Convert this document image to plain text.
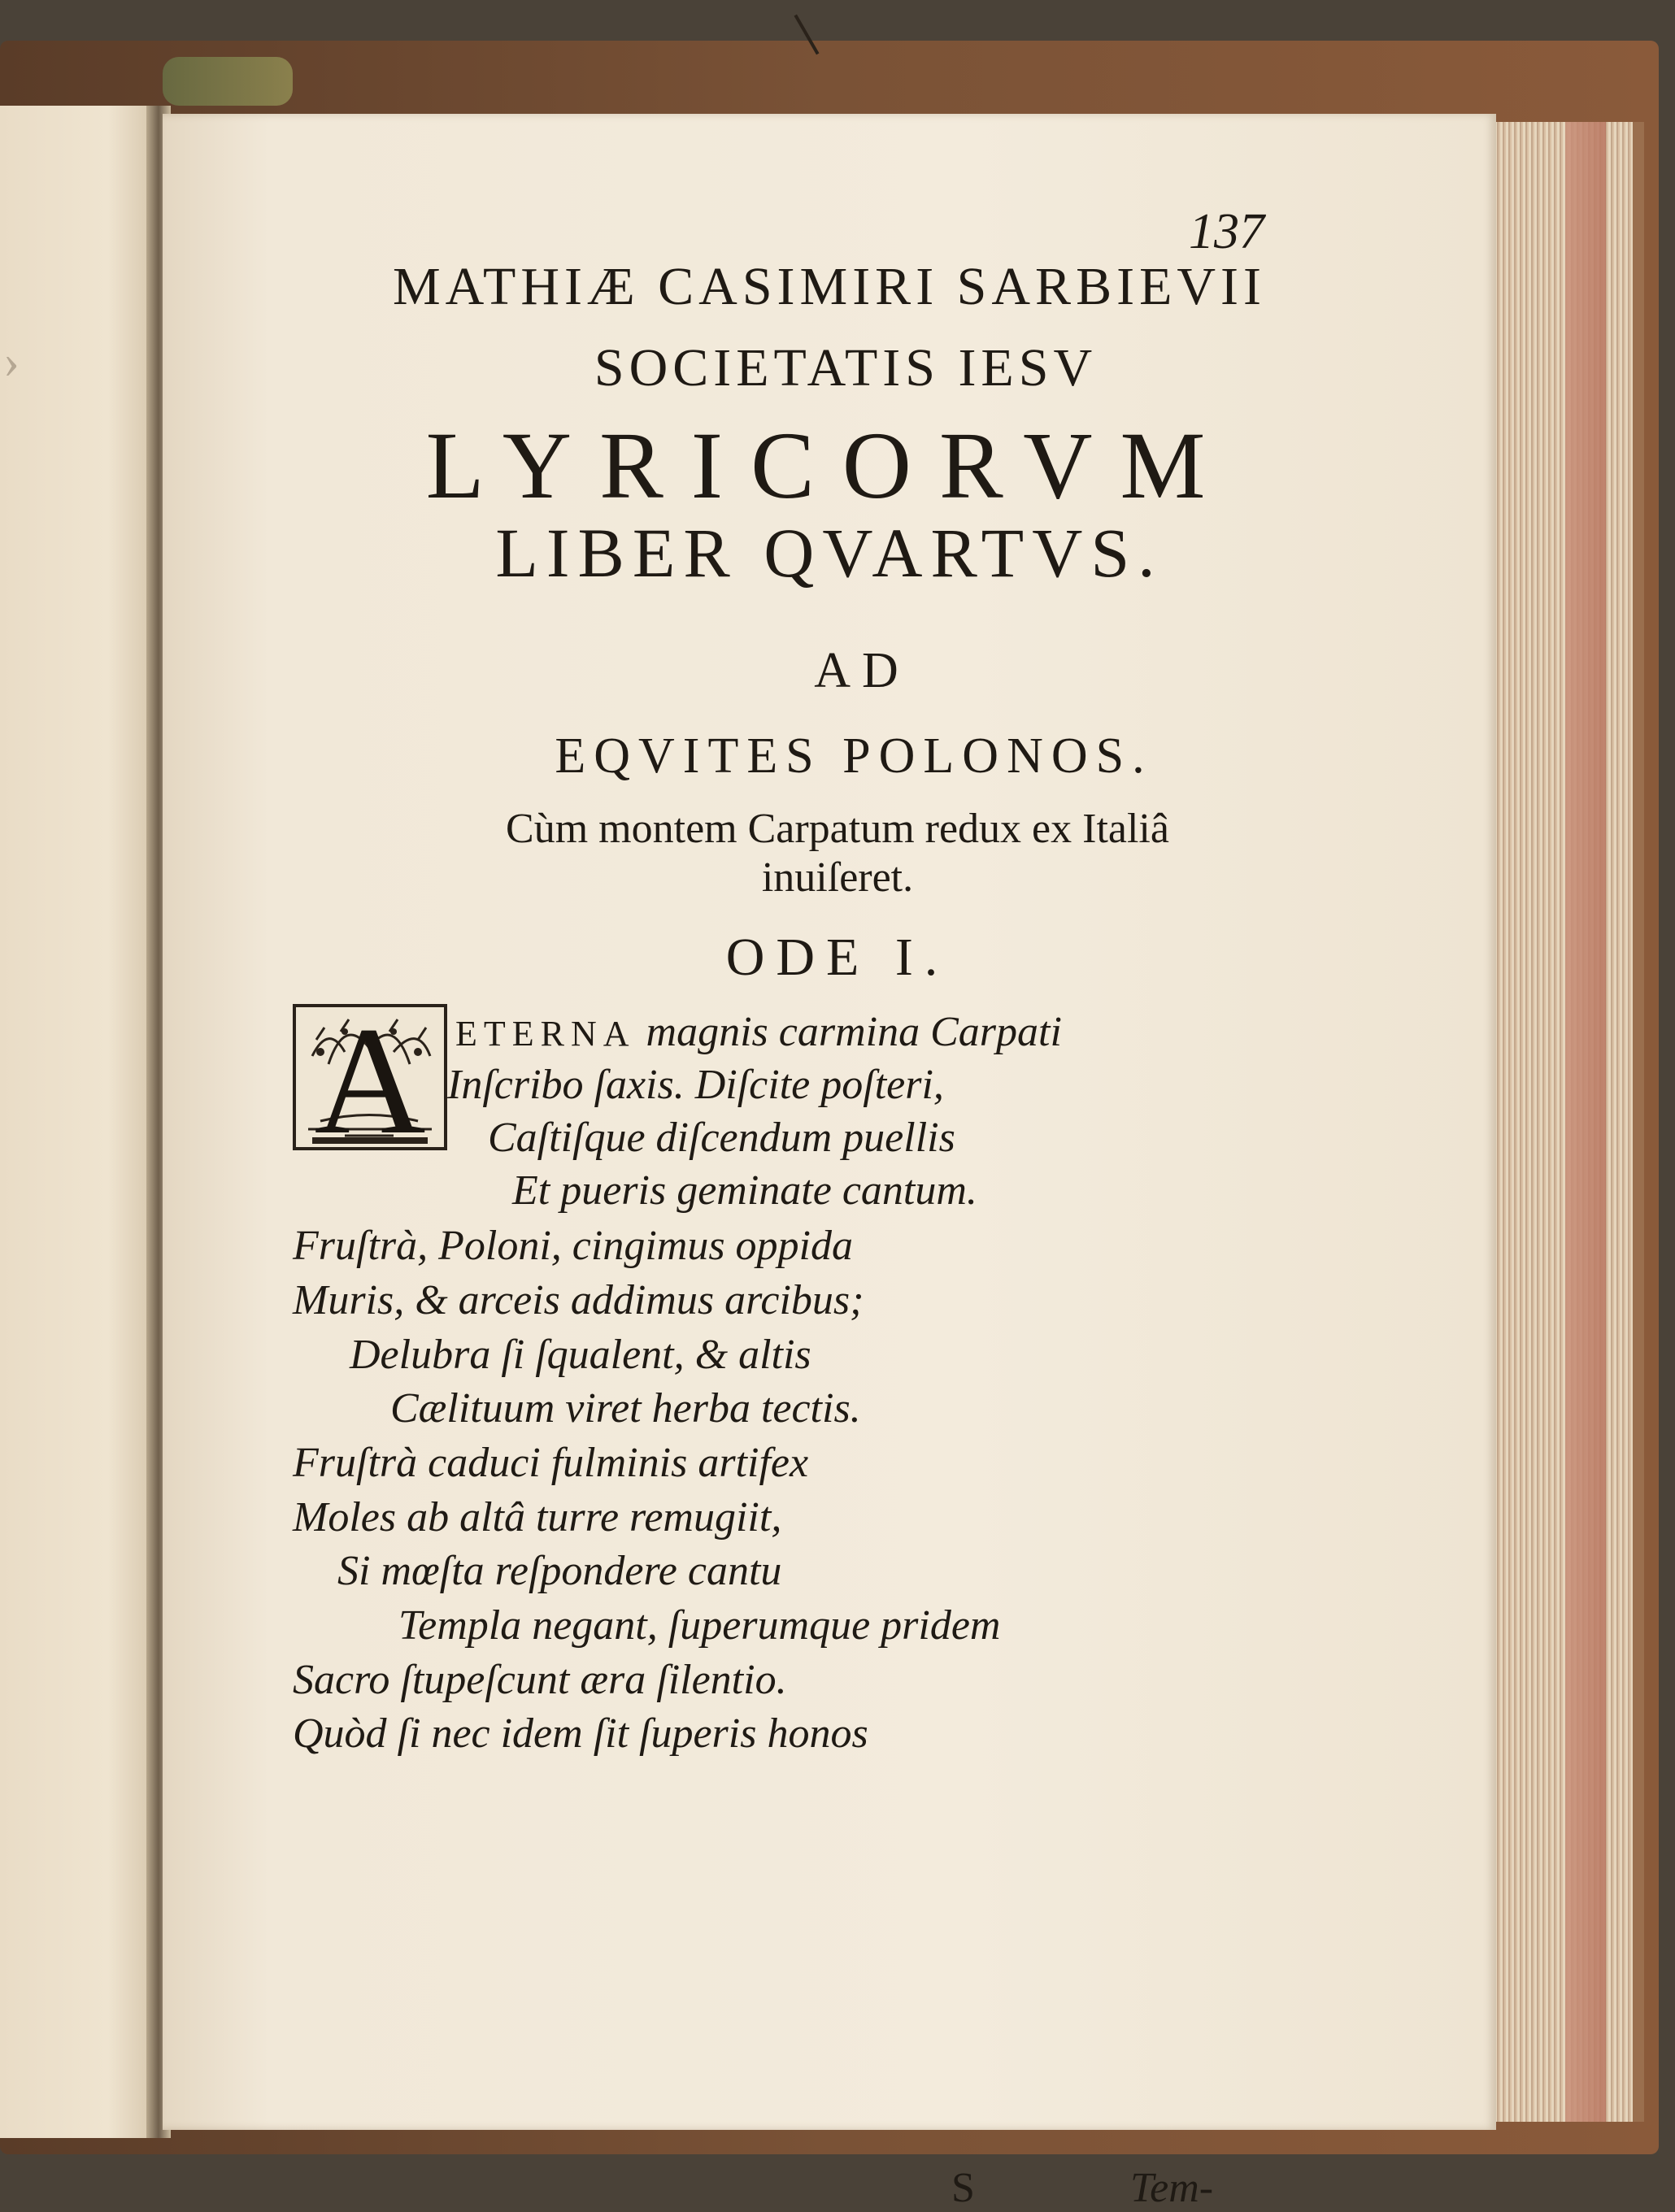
›
137
MATHIÆ CASIMIRI SARBIEVII
SOCIETATIS IESV
LYRICORVM
LIBER QVARTVS.
AD
EQVITES POLONOS.
Cùm montem Carpatum redux ex Italiâ
inuiſeret.
ODE I.
A ETERNA magnis carmina Carpati
Inſcribo ſaxis. Diſcite poſteri,
Caſtiſque diſcendum puellis
Et pueris geminate cantum.
Fruſtrà, Poloni, cingimus oppida
Muris, & arceis addimus arcibus;
Delubra ſi ſqualent, & altis
Cælituum viret herba tectis.
Fruſtrà caduci fulminis artifex
Moles ab altâ turre remugiit,
Si mœſta reſpondere cantu
Templa negant, ſuperumque pridem
Sacro ſtupeſcunt æra ſilentio.
Quòd ſi nec idem ſit ſuperis honos
S	Tem-
